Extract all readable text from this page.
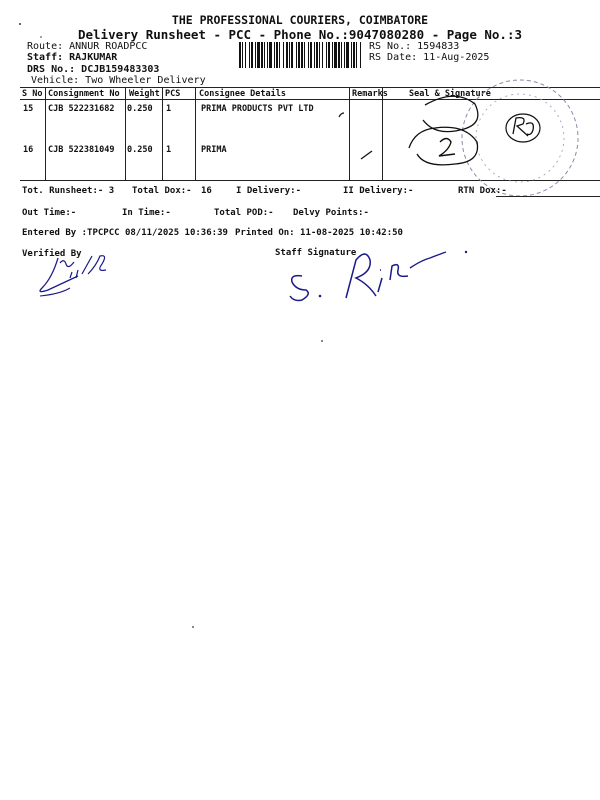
THE PROFESSIONAL COURIERS, COIMBATORE
Delivery Runsheet - PCC - Phone No.:9047080280 - Page No.:3
Route: ANNUR ROADPCC
Staff: RAJKUMAR
DRS No.: DCJB159483303
Vehicle: Two Wheeler Delivery
RS No.: 1594833
RS Date: 11-Aug-2025
S No Consignment No Weight PCS Consignee Details	Remarks Seal & Signature
15 CJB 522231682 0.250 1	PRIMA PRODUCTS PVT LTD
16 CJB 522381049 0.250 1	PRIMA
Tot. Runsheet:- 3 Total Dox:- 16	I Delivery:-	II Delivery:-	RTN Dox:-
Out Time:-	In Time:-	Total POD:- Delvy Points:-
Entered By :TPCPCC 08/11/2025 10:36:39 Printed On: 11-08-2025 10:42:50
Verified By	Staff Signature
